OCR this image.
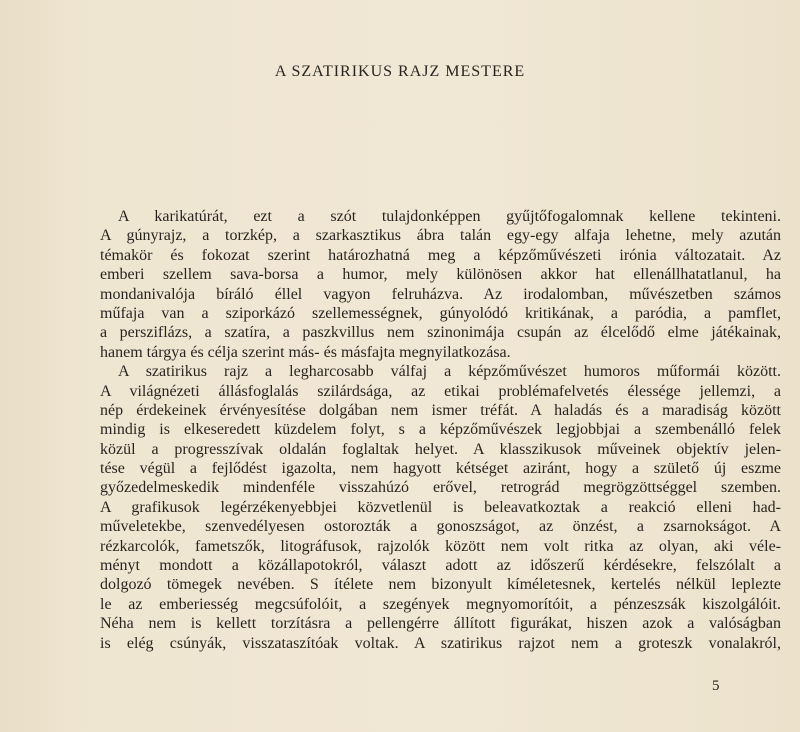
A SZATIRIKUS RAJZ MESTERE
A karikatúrát, ezt a szót tulajdonképpen gyűjtőfogalomnak kellene tekinteni.
A gúnyrajz, a torzkép, a szarkasztikus ábra talán egy-egy alfaja lehetne, mely azután
témakör és fokozat szerint határozhatná meg a képzőművészeti irónia változatait. Az
emberi szellem sava-borsa a humor, mely különösen akkor hat ellenállhatatlanul, ha
mondanivalója bíráló éllel vagyon felruházva. Az irodalomban, művészetben számos
műfaja van a sziporkázó szellemességnek, gúnyolódó kritikának, a paródia, a pamflet,
a persziflázs, a szatíra, a paszkvillus nem szinonimája csupán az élcelődő elme játékainak,
hanem tárgya és célja szerint más- és másfajta megnyilatkozása.
A szatirikus rajz a legharcosabb válfaj a képzőművészet humoros műformái között.
A világnézeti állásfoglalás szilárdsága, az etikai problémafelvetés élessége jellemzi, a
nép érdekeinek érvényesítése dolgában nem ismer tréfát. A haladás és a maradiság között
mindig is elkeseredett küzdelem folyt, s a képzőművészek legjobbjai a szembenálló felek
közül a progresszívak oldalán foglaltak helyet. A klasszikusok műveinek objektív jelen-
tése végül a fejlődést igazolta, nem hagyott kétséget aziránt, hogy a születő új eszme
győzedelmeskedik mindenféle visszahúzó erővel, retrográd megrögzöttséggel szemben.
A grafikusok legérzékenyebbjei közvetlenül is beleavatkoztak a reakció elleni had-
műveletekbe, szenvedélyesen ostorozták a gonoszságot, az önzést, a zsarnokságot. A
rézkarcolók, fametszők, litográfusok, rajzolók között nem volt ritka az olyan, aki véle-
ményt mondott a közállapotokról, választ adott az időszerű kérdésekre, felszólalt a
dolgozó tömegek nevében. S ítélete nem bizonyult kíméletesnek, kertelés nélkül leplezte
le az emberiesség megcsúfolóit, a szegények megnyomorítóit, a pénzeszsák kiszolgálóit.
Néha nem is kellett torzításra a pellengérre állított figurákat, hiszen azok a valóságban
is elég csúnyák, visszataszítóak voltak. A szatirikus rajzot nem a groteszk vonalakról,
5
